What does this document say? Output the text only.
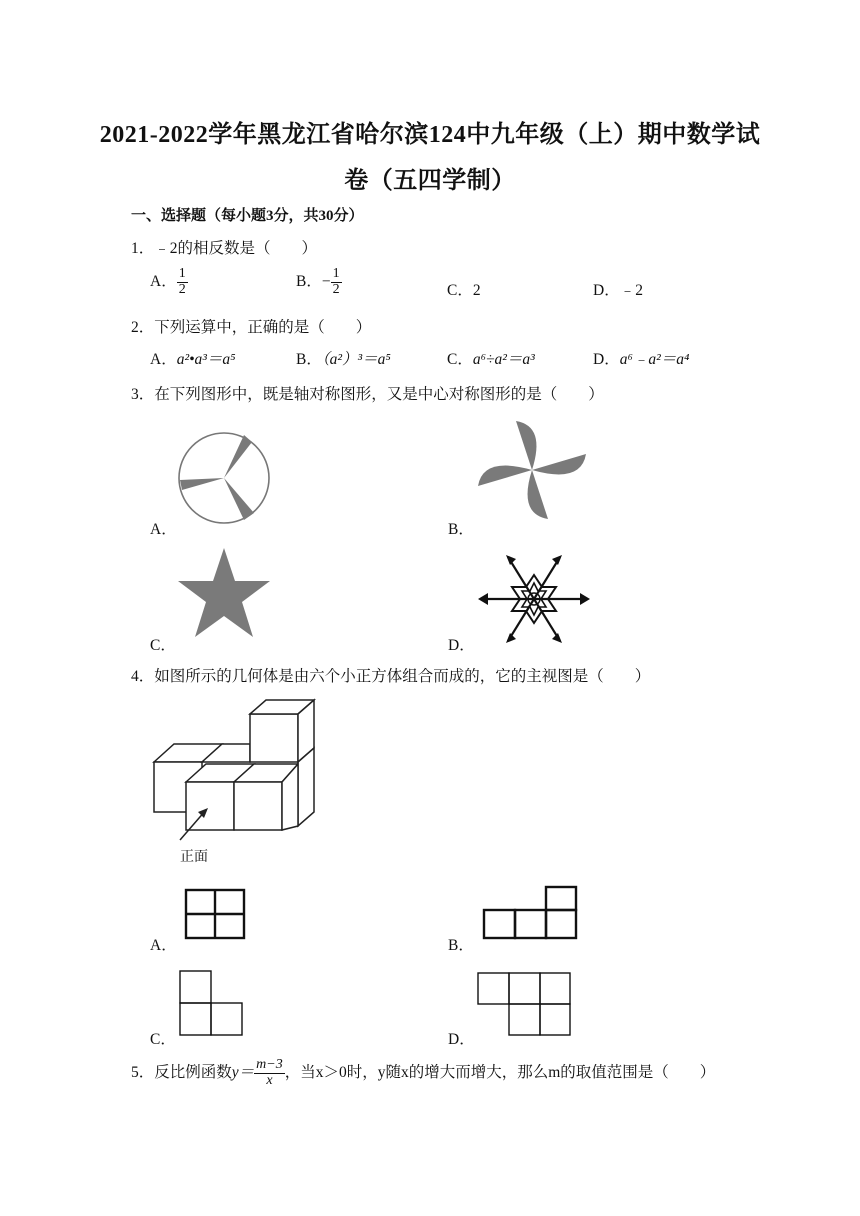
2021-2022学年黑龙江省哈尔滨124中九年级（上）期中数学试
卷（五四学制）
一、选择题（每小题3分，共30分）
1．﹣2的相反数是（　　）
A． $\frac{1}{2}$	B．− $\frac{1}{2}$	C．2	D．﹣2
2．下列运算中，正确的是（　　）
A．a²•a³＝a⁵	B．（a²）³＝a⁵	C．a⁶÷a²＝a³	D．a⁶﹣a²＝a⁴
3．在下列图形中，既是轴对称图形，又是中心对称图形的是（　　）
A．	B．
C．	D．
4．如图所示的几何体是由六个小正方体组合而成的，它的主视图是（　　）
正面
A．	B．
C．	D．
5．反比例函数$y= \frac{m-3}{x}$ ，当x＞0时，y随x的增大而增大，那么m的取值范围是（　　）
